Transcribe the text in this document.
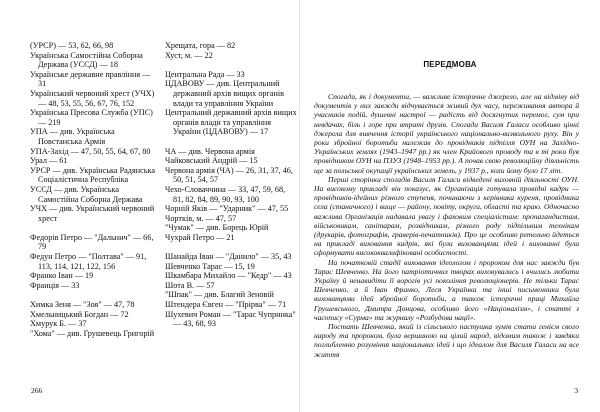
(УРСР) — 53, 62, 66, 98

Українська Самостійна Соборна Держава (УССД) — 18

Українське державне правління — 31

Український червоний хрест (УЧХ) — 48, 53, 55, 56, 67, 76, 152

Українська Пресова Служба (УПС) — 219

УПА — див. Українська Повстанська Армія

УПА-Захід — 47, 50, 55, 64, 67, 80

Урал — 61

УРСР — див. Українська Радянська Соціалістична Республіка

УССД — див. Українська Самостійна Соборна Держава

УЧХ — див. Український червоний хрест

Федорів Петро — "Дальнич" — 66, 79

Федун Петро — "Полтава" — 91, 113, 114, 121, 122, 156

Франко Іван — 19

Франція — 33

Химка Зеня — "Зоя" — 47, 78

Хмельницький Богдан — 72

Хмурук Б. — 37

"Хома" — див. Грушевець Григорій

Хрещата, гора — 82

Хуст, м. — 22

Центральна Рада — 33

ЦДАВОВУ — див. Центральний державний архів вищих органів влади та управління України

Центральний державний архів вищих органів влади та управління України (ЦДАВОВУ) — 17

ЧА — див. Червона армія

Чайковський Андрій — 15

Червона армія (ЧА) — 26, 31, 37, 46, 50, 51, 54, 57

Чехо-Словаччина — 33, 47, 59, 68, 81, 82, 84, 89, 90, 93, 100

Чорній Яків — "Ударник" — 47, 55

Чортків, м. — 47, 57

"Чумак" — див. Борець Юрій

Чухрай Петро — 21

Шанайда Іван — "Данило" — 35, 43

Шевченко Тарас — 15, 19

Шкамбара Михайло — "Кедр" — 43

Шота В. — 57

"Шпак" — див. Благий Зеновій

Штендера Євген — "Прірва" — 71

Шухевич Роман — "Тарас Чупринка" — 43, 68, 93

266
ПЕРЕДМОВА

Спогади, як і документи, — важливе історичне джерело, але на відміну від документів у них завжди відчувається живий дух часу, переживання автора й учасників подій, душевні настрої — радість від досягнутих перемог, сум при невдачах, біль і горе при втраті друзів. Спогади Василя Галаси особливо цінні джерела для вивчення історії українського національно-визвольного руху. Він у роки збройної боротьби належав до провідників підпілля ОУН на Західно-Українських землях (1943–1947 рр.) як член Крайового проводу та в ті роки був провідником ОУН на ПЗУЗ (1948–1953 рр.). А почав свою революційну діяльність ще за польської окупації українських земель, у 1937 р., коли йому було 17 літ.

Перші сторінки спогадів Василя Галаси відведені виховній діяльності ОУН. На високому прикладі він показує, як Організація готувала провідні кадри — провідників-ідейних різного ступеня, починаючи з керівника куреня, провідника села (станичного) і вище — району, повіту, округи, області та краю. Одночасно важлива Організація надавала увагу і фаховим спеціалістам: пропагандистам, військовикам, санітарам, розвідникам, різного роду підпільним технікам (друкарів, фотографів, граверів-печатників). Про це особливо ретельно йдеться на прикладі виховання кадрів, які були вихованцями ідей і вихованні були сформувати висококвалифіковані особистості.

На початковій стадії виховання ідеологом і пророком для нас завжди був Тарас Шевченко. На його патріотичних творах виховувались і вчились любити Україну й ненавидіти її ворогів усі покоління революціонерів. Не тільки Тарас Шевченко, а й Іван Франко, Леся Українка та інші письменники були вихованцями ідей збройної боротьби, а також історичні праці Михайла Грушевського, Дмитра Донцова, особливо його «Націоналізм», і статті з часопису «Сурма» та журналу «Розбудова нації».

Постать Шевченка, який із сільського пастушка зумів стати генієм свого народу та пророком, була вершиною на цілий народ, відомим також і завдяки поглибленню розуміння національних ідей і що ідеалом для Василя Галаси на все життя

3
